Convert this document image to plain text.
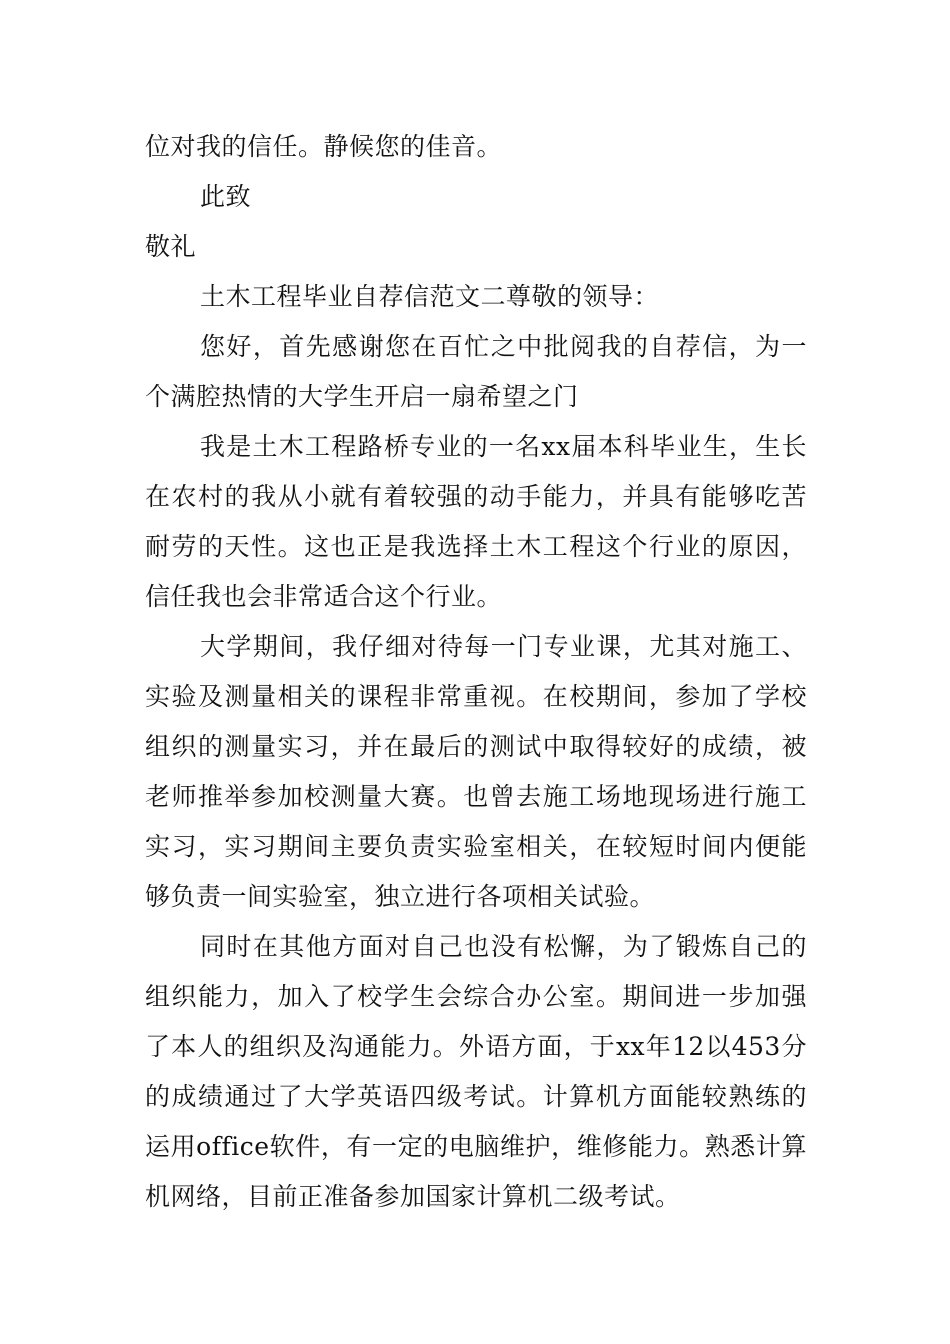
位对我的信任。静候您的佳音。

此致

敬礼

土木工程毕业自荐信范文二尊敬的领导：

您好，首先感谢您在百忙之中批阅我的自荐信，为一个满腔热情的大学生开启一扇希望之门

我是土木工程路桥专业的一名xx届本科毕业生，生长在农村的我从小就有着较强的动手能力，并具有能够吃苦耐劳的天性。这也正是我选择土木工程这个行业的原因，信任我也会非常适合这个行业。

大学期间，我仔细对待每一门专业课，尤其对施工、实验及测量相关的课程非常重视。在校期间，参加了学校组织的测量实习，并在最后的测试中取得较好的成绩，被老师推举参加校测量大赛。也曾去施工场地现场进行施工实习，实习期间主要负责实验室相关，在较短时间内便能够负责一间实验室，独立进行各项相关试验。

同时在其他方面对自己也没有松懈，为了锻炼自己的组织能力，加入了校学生会综合办公室。期间进一步加强了本人的组织及沟通能力。外语方面，于xx年12以453分的成绩通过了大学英语四级考试。计算机方面能较熟练的运用office软件，有一定的电脑维护，维修能力。熟悉计算机网络，目前正准备参加国家计算机二级考试。
